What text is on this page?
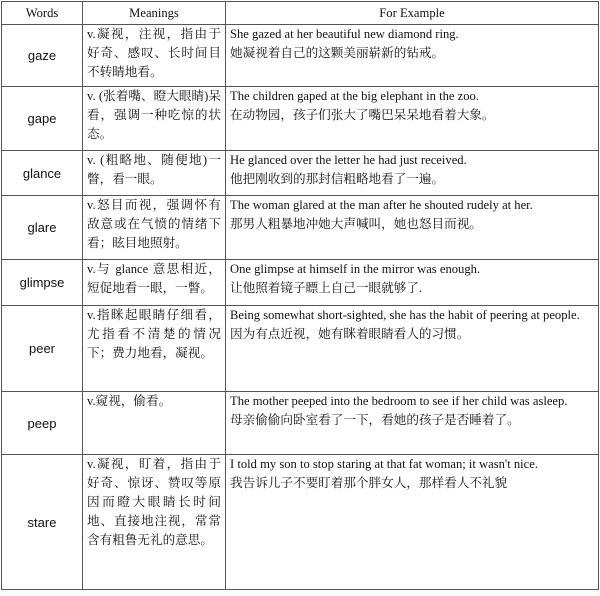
Words	Meanings	For Example
gaze	v.凝视，注视，指由于好奇、感叹、长时间目不转睛地看。	She gazed at her beautiful new diamond ring.
她凝视着自己的这颗美丽崭新的钻戒。

gape	v. (张着嘴、瞪大眼睛)呆看，强调一种吃惊的状态。	The children gaped at the big elephant in the zoo.
在动物园，孩子们张大了嘴巴呆呆地看着大象。

glance	v. (粗略地、随便地)一瞥，看一眼。	He glanced over the letter he had just received.
他把刚收到的那封信粗略地看了一遍。

glare	v.怒目而视，强调怀有敌意或在气愤的情绪下看；眩目地照射。	The woman glared at the man after he shouted rudely at her.
那男人粗暴地冲她大声喊叫，她也怒目而视。

glimpse	v.与 glance 意思相近，短促地看一眼，一瞥。	One glimpse at himself in the mirror was enough.
让他照着镜子瞟上自己一眼就够了.

peer	v.指眯起眼睛仔细看，尤指看不清楚的情况下；费力地看，凝视。	Being somewhat short-sighted, she has the habit of peering at people.
因为有点近视，她有眯着眼睛看人的习惯。

peep	v.窥视，偷看。	The mother peeped into the bedroom to see if her child was asleep.
母亲偷偷向卧室看了一下，看她的孩子是否睡着了。

stare	v.凝视，盯着，指由于好奇、惊讶、赞叹等原因而瞪大眼睛长时间地、直接地注视，常常含有粗鲁无礼的意思。	I told my son to stop staring at that fat woman; it wasn't nice.
我告诉儿子不要盯着那个胖女人，那样看人不礼貌
